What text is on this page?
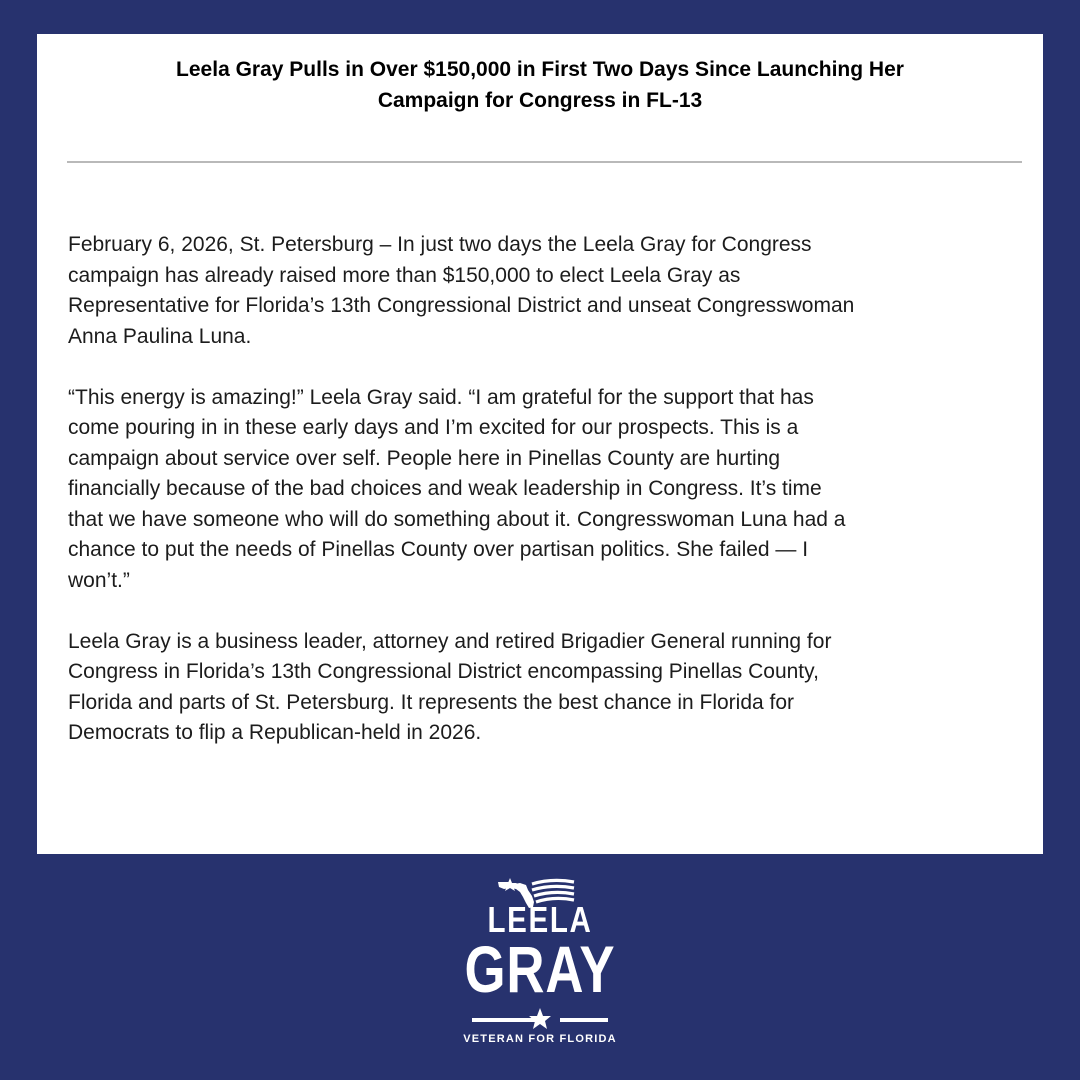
Leela Gray Pulls in Over $150,000 in First Two Days Since Launching Her
Campaign for Congress in FL-13

February 6, 2026, St. Petersburg – In just two days the Leela Gray for Congress
campaign has already raised more than $150,000 to elect Leela Gray as
Representative for Florida’s 13th Congressional District and unseat Congresswoman
Anna Paulina Luna.

“This energy is amazing!” Leela Gray said. “I am grateful for the support that has
come pouring in in these early days and I’m excited for our prospects. This is a
campaign about service over self. People here in Pinellas County are hurting
financially because of the bad choices and weak leadership in Congress. It’s time
that we have someone who will do something about it. Congresswoman Luna had a
chance to put the needs of Pinellas County over partisan politics. She failed — I
won’t.”

Leela Gray is a business leader, attorney and retired Brigadier General running for
Congress in Florida’s 13th Congressional District encompassing Pinellas County,
Florida and parts of St. Petersburg. It represents the best chance in Florida for
Democrats to flip a Republican-held in 2026.

LEELA
GRAY
VETERAN FOR FLORIDA
